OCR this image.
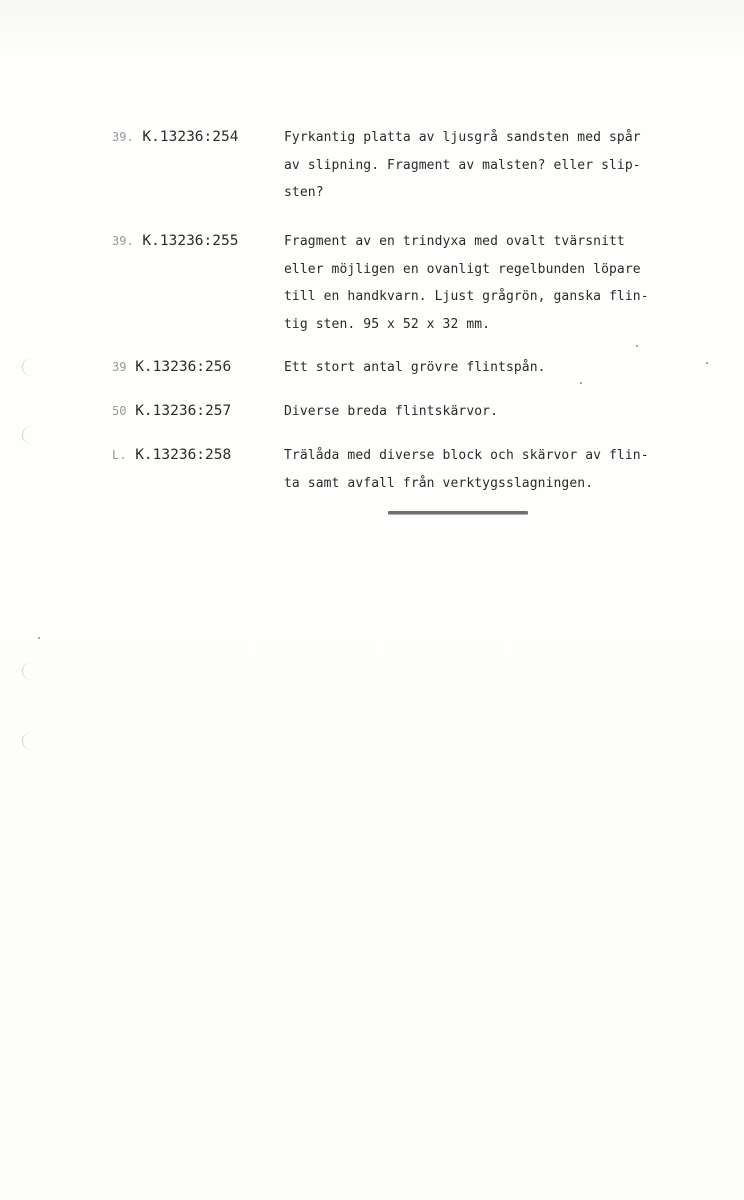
39. K.13236:254	Fyrkantig platta av ljusgrå sandsten med spår

av slipning. Fragment av malsten? eller slip-

sten?

39. K.13236:255	Fragment av en trindyxa med ovalt tvärsnitt

eller möjligen en ovanligt regelbunden löpare

till en handkvarn. Ljust grågrön, ganska flin-

tig sten. 95 x 52 x 32 mm.

39 K.13236:256	Ett stort antal grövre flintspån.

50 K.13236:257	Diverse breda flintskärvor.

L. K.13236:258	Trälåda med diverse block och skärvor av flin-

ta samt avfall från verktygsslagningen.
